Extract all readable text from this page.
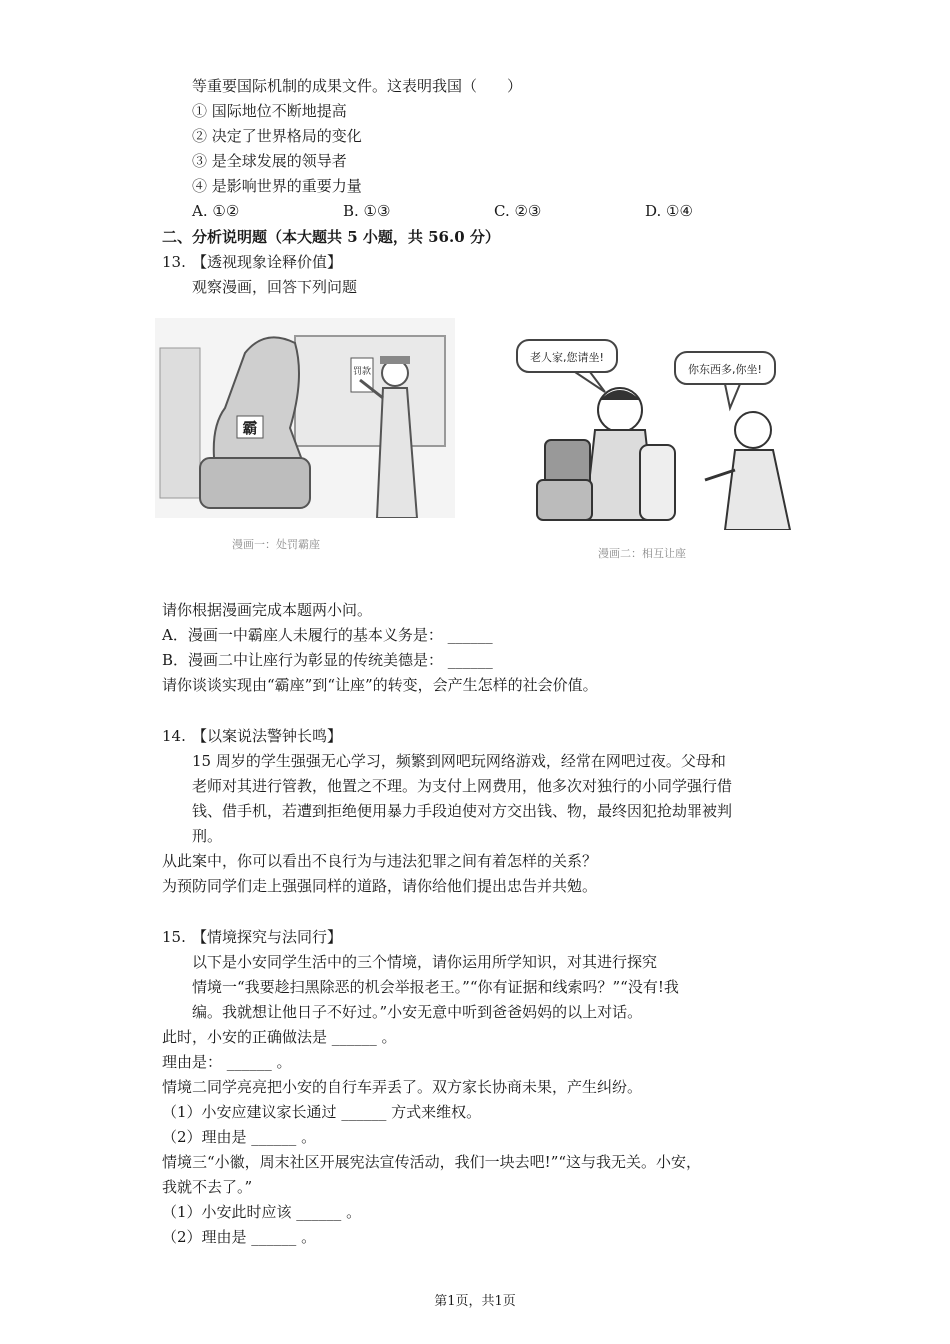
等重要国际机制的成果文件。这表明我国（　　）
① 国际地位不断地提高
② 决定了世界格局的变化
③ 是全球发展的领导者
④ 是影响世界的重要力量
A. ①②	B. ①③	C. ②③	D. ①④
二、分析说明题（本大题共 5 小题，共 56.0 分）
13. 【透视现象诠释价值】
观察漫画，回答下列问题
霸
罚款
漫画一：处罚霸座
老人家,您请坐!
你东西多,你坐!
漫画二：相互让座
请你根据漫画完成本题两小问。
A．漫画一中霸座人未履行的基本义务是： ______
B．漫画二中让座行为彰显的传统美德是： ______
请你谈谈实现由“霸座”到“让座”的转变，会产生怎样的社会价值。
14. 【以案说法警钟长鸣】
15 周岁的学生强强无心学习，频繁到网吧玩网络游戏，经常在网吧过夜。父母和
老师对其进行管教，他置之不理。为支付上网费用，他多次对独行的小同学强行借
钱、借手机，若遭到拒绝便用暴力手段迫使对方交出钱、物，最终因犯抢劫罪被判
刑。
从此案中，你可以看出不良行为与违法犯罪之间有着怎样的关系？
为预防同学们走上强强同样的道路，请你给他们提出忠告并共勉。
15. 【情境探究与法同行】
以下是小安同学生活中的三个情境，请你运用所学知识，对其进行探究
情境一“我要趁扫黑除恶的机会举报老王。”“你有证据和线索吗？”“没有!我
编。我就想让他日子不好过。”小安无意中听到爸爸妈妈的以上对话。
此时，小安的正确做法是 ______ 。
理由是： ______ 。
情境二同学亮亮把小安的自行车弄丢了。双方家长协商未果，产生纠纷。
（1）小安应建议家长通过 ______ 方式来维权。
（2）理由是 ______ 。
情境三“小徽，周末社区开展宪法宣传活动，我们一块去吧!”“这与我无关。小安，
我就不去了。”
（1）小安此时应该 ______ 。
（2）理由是 ______ 。
第1页，共1页
